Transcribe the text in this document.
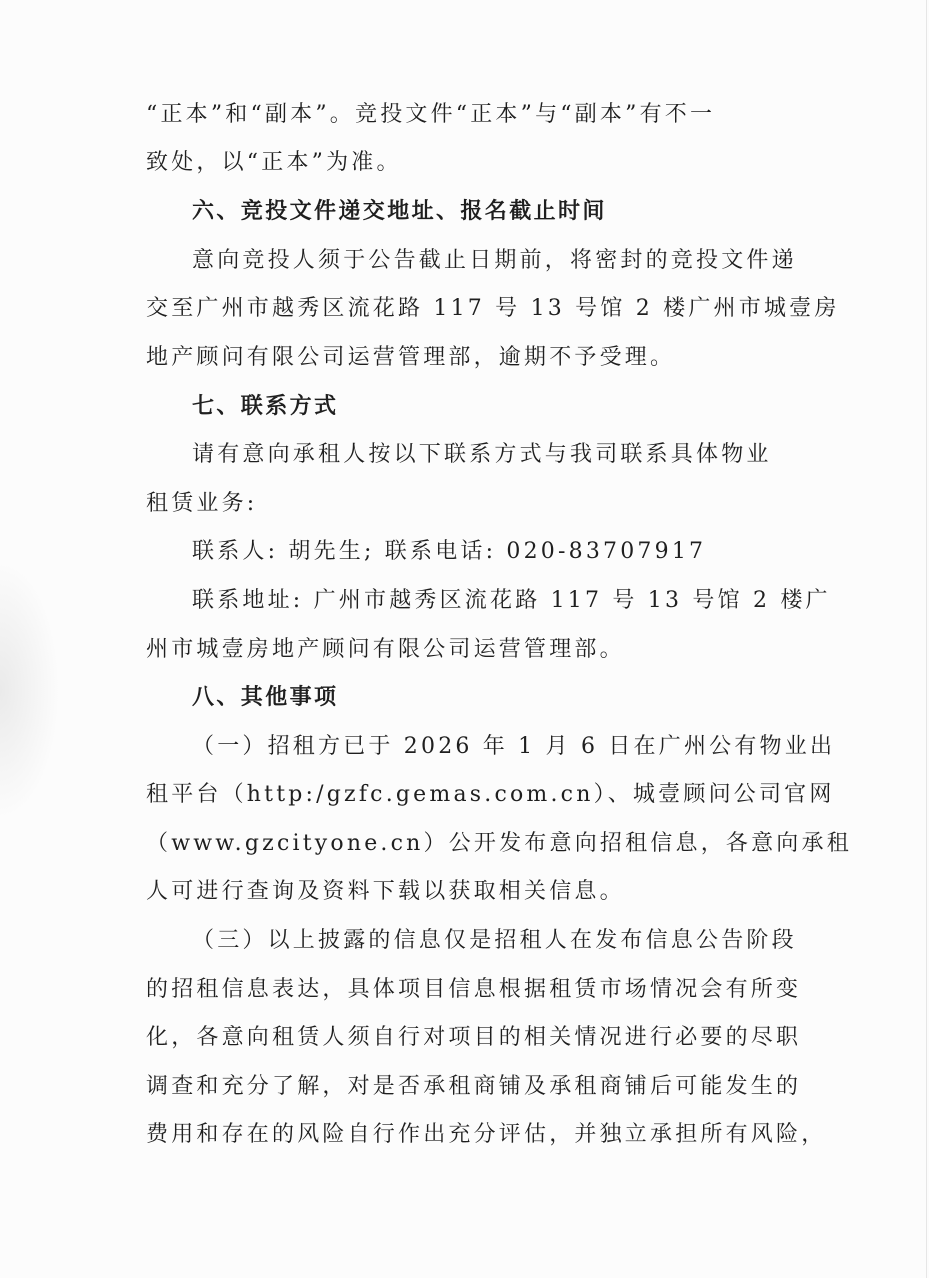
“正本”和“副本”。竞投文件“正本”与“副本”有不一
致处，以“正本”为准。
六、竞投文件递交地址、报名截止时间
意向竞投人须于公告截止日期前，将密封的竞投文件递
交至广州市越秀区流花路 117 号 13 号馆 2 楼广州市城壹房
地产顾问有限公司运营管理部，逾期不予受理。
七、联系方式
请有意向承租人按以下联系方式与我司联系具体物业
租赁业务:
联系人: 胡先生; 联系电话: 020-83707917
联系地址: 广州市越秀区流花路 117 号 13 号馆 2 楼广
州市城壹房地产顾问有限公司运营管理部。
八、其他事项
（一）招租方已于 2026 年 1 月 6 日在广州公有物业出
租平台（http:/gzfc.gemas.com.cn）、城壹顾问公司官网
（www.gzcityone.cn）公开发布意向招租信息，各意向承租
人可进行查询及资料下载以获取相关信息。
（三）以上披露的信息仅是招租人在发布信息公告阶段
的招租信息表达，具体项目信息根据租赁市场情况会有所变
化，各意向租赁人须自行对项目的相关情况进行必要的尽职
调查和充分了解，对是否承租商铺及承租商铺后可能发生的
费用和存在的风险自行作出充分评估，并独立承担所有风险，
